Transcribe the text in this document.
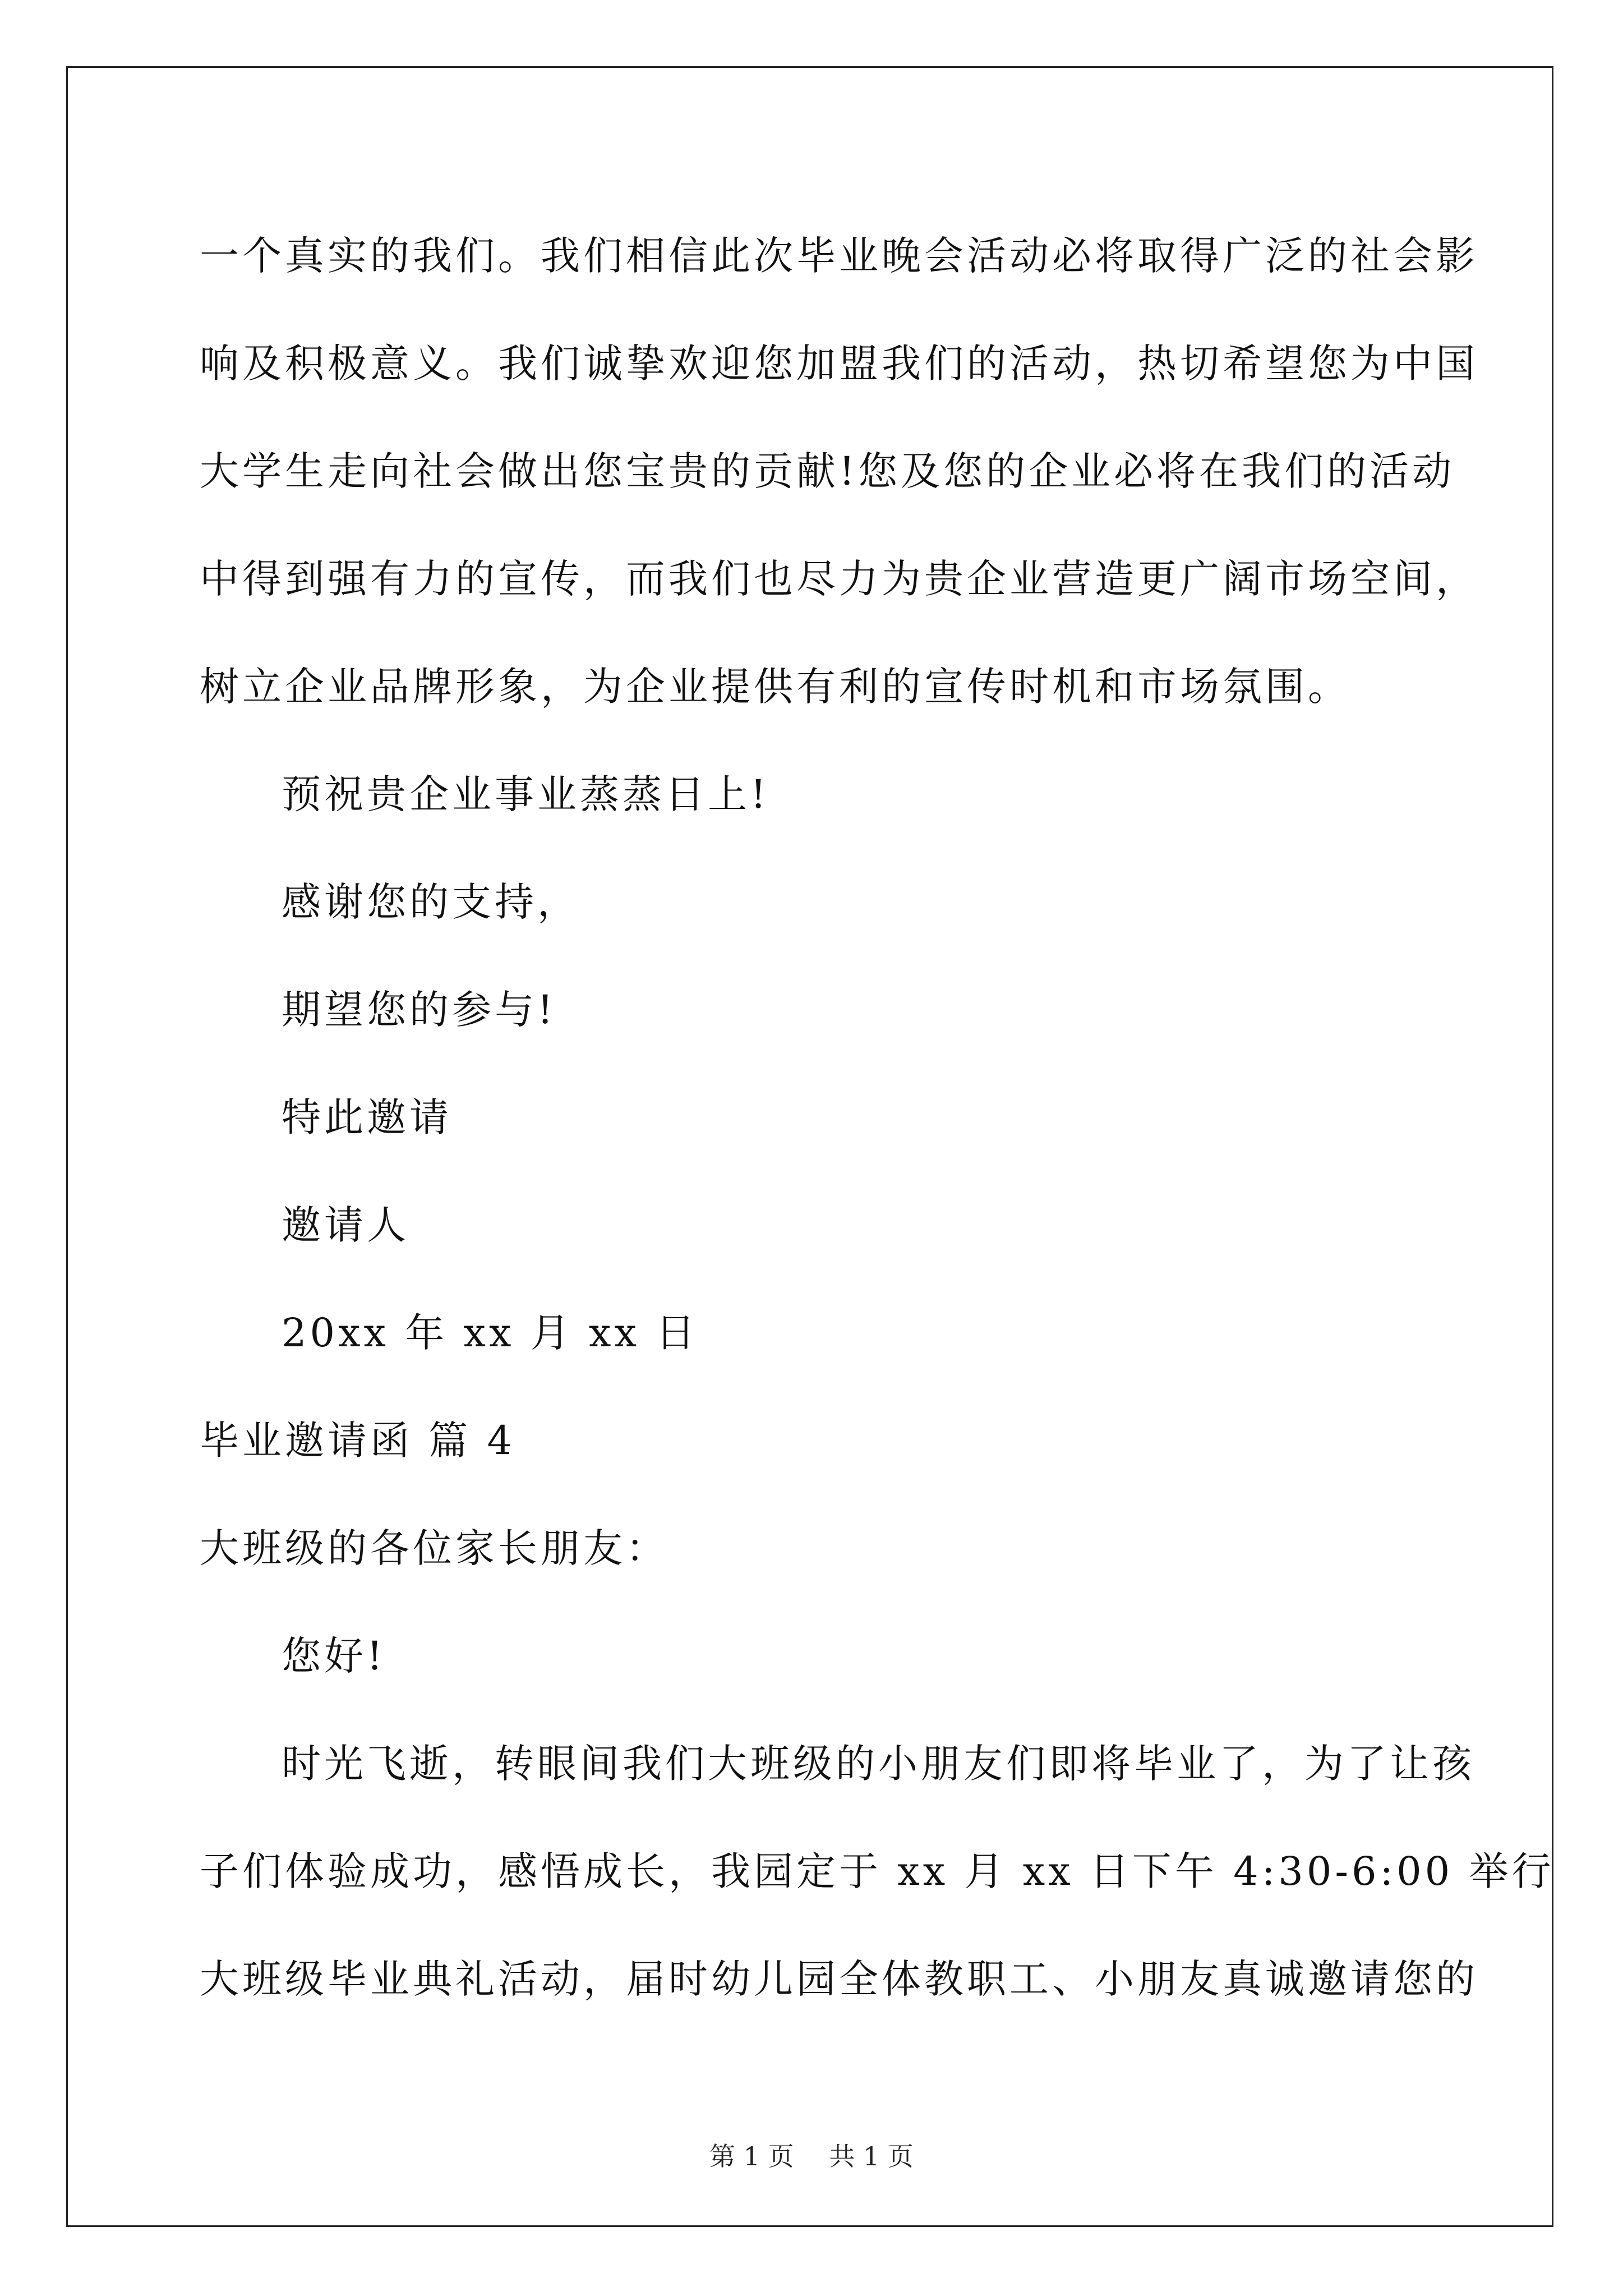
一个真实的我们。我们相信此次毕业晚会活动必将取得广泛的社会影
响及积极意义。我们诚挚欢迎您加盟我们的活动，热切希望您为中国
大学生走向社会做出您宝贵的贡献!您及您的企业必将在我们的活动
中得到强有力的宣传，而我们也尽力为贵企业营造更广阔市场空间，
树立企业品牌形象，为企业提供有利的宣传时机和市场氛围。
预祝贵企业事业蒸蒸日上!
感谢您的支持，
期望您的参与!
特此邀请
邀请人
20xx 年 xx 月 xx 日
毕业邀请函 篇 4
大班级的各位家长朋友：
您好!
时光飞逝，转眼间我们大班级的小朋友们即将毕业了，为了让孩
子们体验成功，感悟成长，我园定于 xx 月 xx 日下午 4:30-6:00 举行
大班级毕业典礼活动，届时幼儿园全体教职工、小朋友真诚邀请您的
第 1 页 共 1 页
